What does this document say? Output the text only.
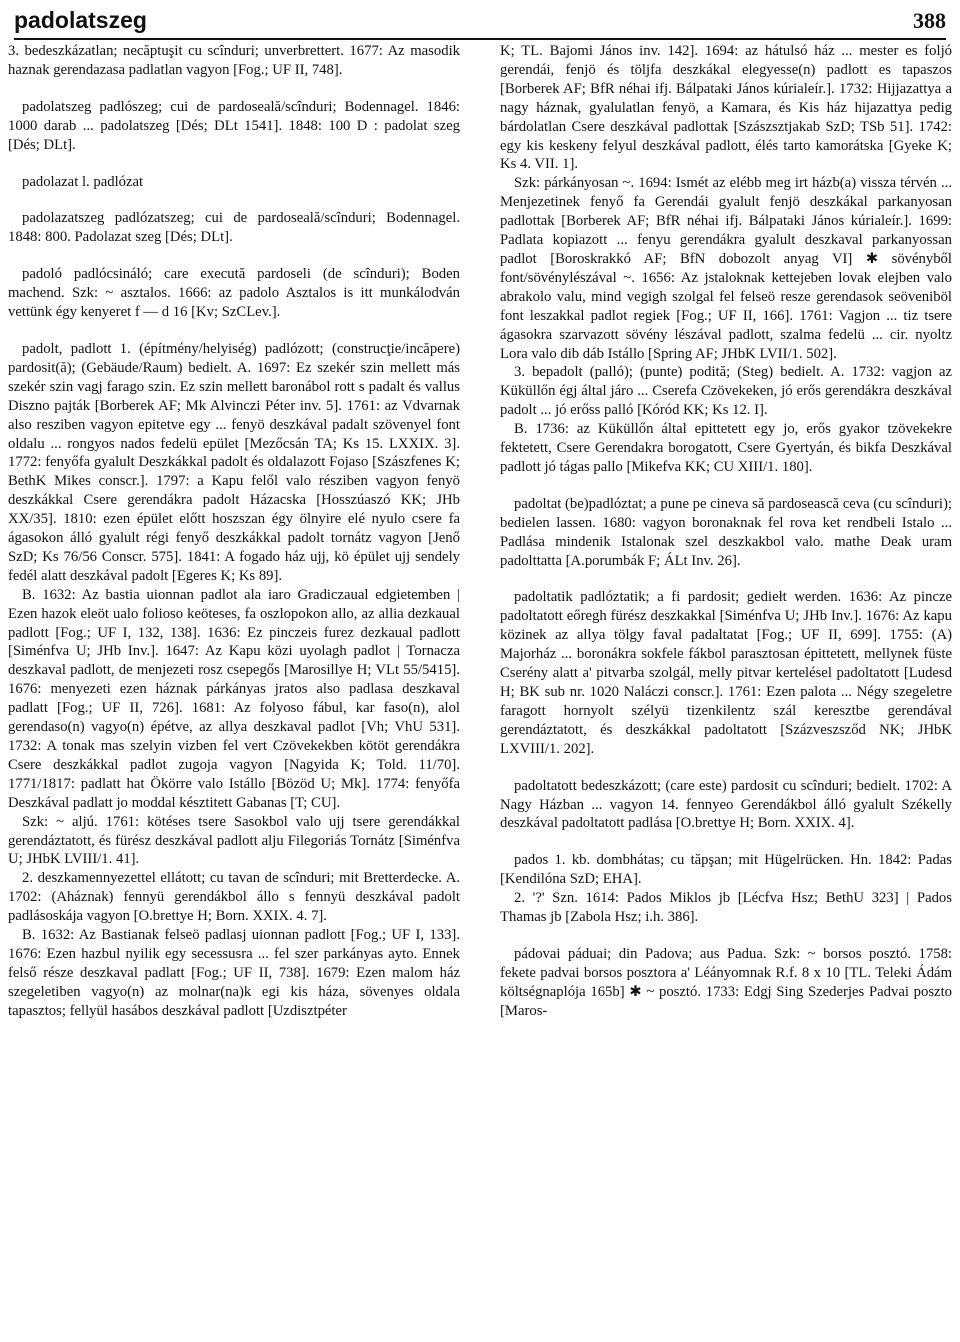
padolatszeg	388

3. bedeszkázatlan; necăptuşit cu scînduri; unverbrettert. 1677: Az masodik haznak gerendazasa padlatlan vagyon [Fog.; UF II, 748].

padolatszeg padlószeg; cui de pardoseală/scînduri; Bodennagel. 1846: 1000 darab ... padolatszeg [Dés; DLt 1541]. 1848: 100 D : padolat szeg [Dés; DLt].

padolazat l. padlózat

padolazatszeg padlózatszeg; cui de pardoseală/scînduri; Bodennagel. 1848: 800. Padolazat szeg [Dés; DLt].

padoló padlócsináló; care execută pardoseli (de scînduri); Boden machend. Szk: ~ asztalos. 1666: az padolo Asztalos is itt munkálodván vettünk égy kenyeret f — d 16 [Kv; SzCLev.].

padolt, padlott 1. (építmény/helyiség) padlózott; (construcţie/incăpere) pardosit(ă); (Gebäude/Raum) bedielt. A. 1697: Ez szekér szin mellett más szekér szin vagj farago szin. Ez szin mellett baronábol rott s padalt és vallus Diszno pajták [Borberek AF; Mk Alvinczi Péter inv. 5]. 1761: az Vdvarnak also resziben vagyon epitetve egy ... fenyö deszkával padalt szövenyel font oldalu ... rongyos nados fedelü epület [Mezőcsán TA; Ks 15. LXXIX. 3]. 1772: fenyőfa gyalult Deszkákkal padolt és oldalazott Fojaso [Szászfenes K; BethK Mikes conscr.]. 1797: a Kapu felől valo résziben vagyon fenyö deszkákkal Csere gerendákra padolt Házacska [Hosszúaszó KK; JHb XX/35]. 1810: ezen épület előtt hoszszan égy ölnyire elé nyulo csere fa ágasokon álló gyalult régi fenyő deszkákkal padolt tornátz vagyon [Jenő SzD; Ks 76/56 Conscr. 575]. 1841: A fogado ház ujj, kö épület ujj sendely fedél alatt deszkával padolt [Egeres K; Ks 89].

B. 1632: Az bastia uionnan padlot ala iaro Gradiczaual edgietemben | Ezen hazok eleöt ualo folioso keöteses, fa oszlopokon allo, az allia dezkaual padlott [Fog.; UF I, 132, 138]. 1636: Ez pinczeis furez dezkaual padlott [Siménfva U; JHb Inv.]. 1647: Az Kapu közi uyolagh padlot | Tornacza deszkaval padlott, de menjezeti rosz csepegős [Marosillye H; VLt 55/5415]. 1676: menyezeti ezen háznak párkányas jratos also padlasa deszkaval padlatt [Fog.; UF II, 726]. 1681: Az folyoso fábul, kar faso(n), alol gerendaso(n) vagyo(n) épétve, az allya deszkaval padlot [Vh; VhU 531]. 1732: A tonak mas szelyin vizben fel vert Czövekekben kötöt gerendákra Csere deszkákkal padlot zugoja vagyon [Nagyida K; Told. 11/70]. 1771/1817: padlatt hat Ökörre valo Istállo [Bözöd U; Mk]. 1774: fenyőfa Deszkával padlatt jo moddal késztitett Gabanas [T; CU].

Szk: ~ aljú. 1761: kötéses tsere Sasokbol valo ujj tsere gerendákkal gerendáztatott, és fürész deszkával padlott alju Filegoriás Tornátz [Siménfva U; JHbK LVIII/1. 41].

2. deszkamennyezettel ellátott; cu tavan de scînduri; mit Bretterdecke. A. 1702: (Aháznak) fennyü gerendákbol állo s fennyü deszkával padolt padlásoskája vagyon [O.brettye H; Born. XXIX. 4. 7].

B. 1632: Az Bastianak felseö padlasj uionnan padlott [Fog.; UF I, 133]. 1676: Ezen hazbul nyilik egy secessusra ... fel szer parkányas ayto. Ennek felső része deszkaval padlatt [Fog.; UF II, 738]. 1679: Ezen malom ház szegeletiben vagyo(n) az molnar(na)k egi kis háza, sövenyes oldala tapasztos; fellyül hasábos deszkával padlott [Uzdisztpéter

K; TL. Bajomi János inv. 142]. 1694: az hátulsó ház ... mester es foljó gerendái, fenjö és töljfa deszkákal elegyesse(n) padlott es tapaszos [Borberek AF; BfR néhai ifj. Bálpataki János kúrialeír.]. 1732: Hijjazattya a nagy háznak, gyalulatlan fenyö, a Kamara, és Kis ház hijazattya pedig bárdolatlan Csere deszkával padlottak [Szászsztjakab SzD; TSb 51]. 1742: egy kis keskeny felyul deszkával padlott, élés tarto kamorátska [Gyeke K; Ks 4. VII. 1].

Szk: párkányosan ~. 1694: Ismét az elébb meg irt házb(a) vissza térvén ... Menjezetinek fenyő fa Gerendái gyalult fenjö deszkákal parkanyosan padlottak [Borberek AF; BfR néhai ifj. Bálpataki János kúrialeír.]. 1699: Padlata kopiazott ... fenyu gerendákra gyalult deszkaval parkanyossan padlot [Boroskrakkó AF; BfN dobozolt anyag VI] ✱ sövényből font/sövénylészával ~. 1656: Az jstaloknak kettejeben lovak elejben valo abrakolo valu, mind vegigh szolgal fel felseö resze gerendasok seöveniböl font leszakkal padlot regiek [Fog.; UF II, 166]. 1761: Vagjon ... tiz tsere ágasokra szarvazott sövény lészával padlott, szalma fedelü ... cir. nyoltz Lora valo dib dáb Istállo [Spring AF; JHbK LVII/1. 502].

3. bepadolt (palló); (punte) podită; (Steg) bedielt. A. 1732: vagjon az Küküllőn égj által járo ... Cserefa Czövekeken, jó erős gerendákra deszkával padolt ... jó erőss palló [Kóród KK; Ks 12. I].

B. 1736: az Küküllőn által epittetett egy jo, erős gyakor tzövekekre fektetett, Csere Gerendakra borogatott, Csere Gyertyán, és bikfa Deszkával padlott jó tágas pallo [Mikefva KK; CU XIII/1. 180].

padoltat (be)padlóztat; a pune pe cineva să pardosească ceva (cu scînduri); bedielen lassen. 1680: vagyon boronaknak fel rova ket rendbeli Istalo ... Padlása mindenik Istalonak szel deszkakbol valo. mathe Deak uram padolttatta [A.porumbák F; ÁLt Inv. 26].

padoltatik padlóztatik; a fi pardosit; gediełt werden. 1636: Az pincze padoltatott eőregh fürész deszkakkal [Siménfva U; JHb Inv.]. 1676: Az kapu közinek az allya tölgy faval padaltatat [Fog.; UF II, 699]. 1755: (A) Majorház ... boronákra sokfele fákbol parasztosan épittetett, mellynek füste Cserény alatt a' pitvarba szolgál, melly pitvar kertelésel padoltatott [Ludesd H; BK sub nr. 1020 Naláczi conscr.]. 1761: Ezen palota ... Négy szegeletre faragott hornyolt szélyü tizenkilentz szál keresztbe gerendával gerendáztatott, és deszkákkal padoltatott [Százveszsződ NK; JHbK LXVIII/1. 202].

padoltatott bedeszkázott; (care este) pardosit cu scînduri; bedielt. 1702: A Nagy Házban ... vagyon 14. fennyeo Gerendákbol álló gyalult Székelly deszkával padoltatott padlása [O.brettye H; Born. XXIX. 4].

pados 1. kb. dombhátas; cu tăpşan; mit Hügelrücken. Hn. 1842: Padas [Kendilóna SzD; EHA].

2. '?' Szn. 1614: Pados Miklos jb [Lécfva Hsz; BethU 323] | Pados Thamas jb [Zabola Hsz; i.h. 386].

pádovai páduai; din Padova; aus Padua. Szk: ~ borsos posztó. 1758: fekete padvai borsos posztora a' Léányomnak R.f. 8 x 10 [TL. Teleki Ádám költségnaplója 165b] ✱ ~ posztó. 1733: Edgj Sing Szederjes Padvai poszto [Maros-
